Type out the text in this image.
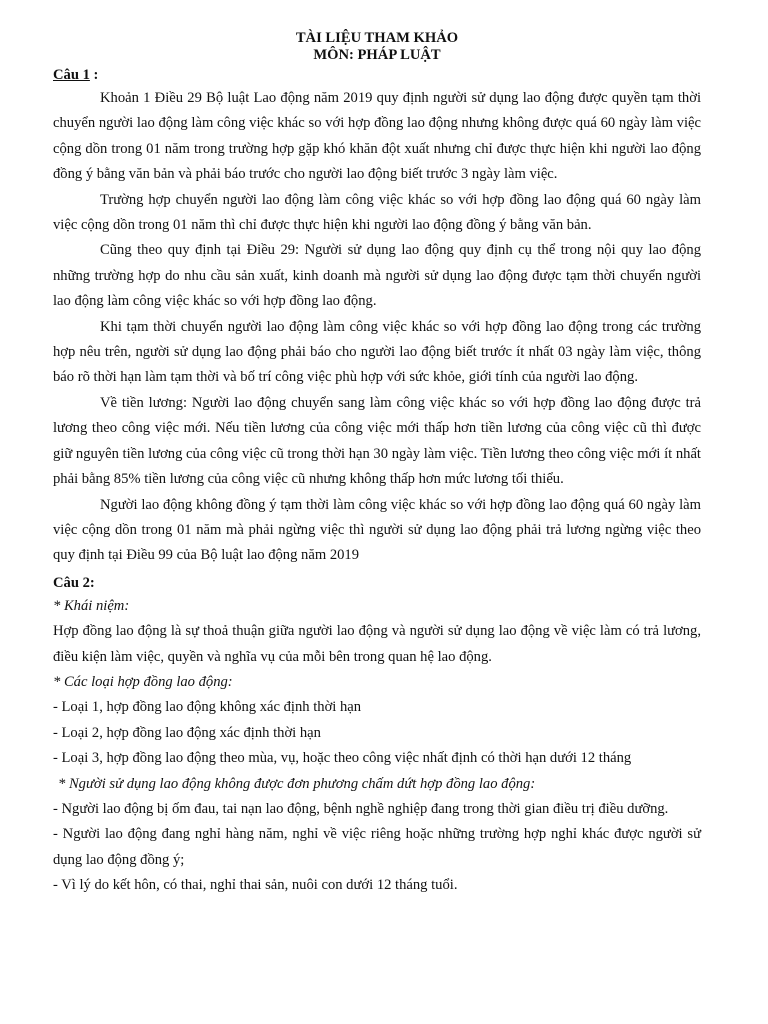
TÀI LIỆU THAM KHẢO

MÔN: PHÁP LUẬT

Câu 1 :

Khoản 1 Điều 29 Bộ luật Lao động năm 2019 quy định người sử dụng lao động được quyền tạm thời chuyển người lao động làm công việc khác so với hợp đồng lao động nhưng không được quá 60 ngày làm việc cộng dồn trong 01 năm trong trường hợp gặp khó khăn đột xuất nhưng chỉ được thực hiện khi người lao động đồng ý bằng văn bản và phải báo trước cho người lao động biết trước 3 ngày làm việc.

Trường hợp chuyển người lao động làm công việc khác so với hợp đồng lao động quá 60 ngày làm việc cộng dồn trong 01 năm thì chỉ được thực hiện khi người lao động đồng ý bằng văn bản.

Cũng theo quy định tại Điều 29: Người sử dụng lao động quy định cụ thể trong nội quy lao động những trường hợp do nhu cầu sản xuất, kinh doanh mà người sử dụng lao động được tạm thời chuyển người lao động làm công việc khác so với hợp đồng lao động.

Khi tạm thời chuyển người lao động làm công việc khác so với hợp đồng lao động trong các trường hợp nêu trên, người sử dụng lao động phải báo cho người lao động biết trước ít nhất 03 ngày làm việc, thông báo rõ thời hạn làm tạm thời và bố trí công việc phù hợp với sức khỏe, giới tính của người lao động.

Về tiền lương: Người lao động chuyển sang làm công việc khác so với hợp đồng lao động được trả lương theo công việc mới. Nếu tiền lương của công việc mới thấp hơn tiền lương của công việc cũ thì được giữ nguyên tiền lương của công việc cũ trong thời hạn 30 ngày làm việc. Tiền lương theo công việc mới ít nhất phải bằng 85% tiền lương của công việc cũ nhưng không thấp hơn mức lương tối thiểu.

Người lao động không đồng ý tạm thời làm công việc khác so với hợp đồng lao động quá 60 ngày làm việc cộng dồn trong 01 năm mà phải ngừng việc thì người sử dụng lao động phải trả lương ngừng việc theo quy định tại Điều 99 của Bộ luật lao động năm 2019

Câu 2:

* Khái niệm:

Hợp đồng lao động là sự thoả thuận giữa người lao động và người sử dụng lao động về việc làm có trả lương, điều kiện làm việc, quyền và nghĩa vụ của mỗi bên trong quan hệ lao động.

* Các loại hợp đồng lao động:

- Loại 1, hợp đồng lao động không xác định thời hạn

- Loại 2, hợp đồng lao động xác định thời hạn

- Loại 3, hợp đồng lao động theo mùa, vụ, hoặc theo công việc nhất định có thời hạn dưới 12 tháng

* Người sử dụng lao động không được đơn phương chấm dứt hợp đồng lao động:

- Người lao động bị ốm đau, tai nạn lao động, bệnh nghề nghiệp đang trong thời gian điều trị điều dưỡng.

- Người lao động đang nghỉ hàng năm, nghỉ về việc riêng hoặc những trường hợp nghỉ khác được người sử dụng lao động đồng ý;

- Vì lý do kết hôn, có thai, nghỉ thai sản, nuôi con dưới 12 tháng tuổi.
